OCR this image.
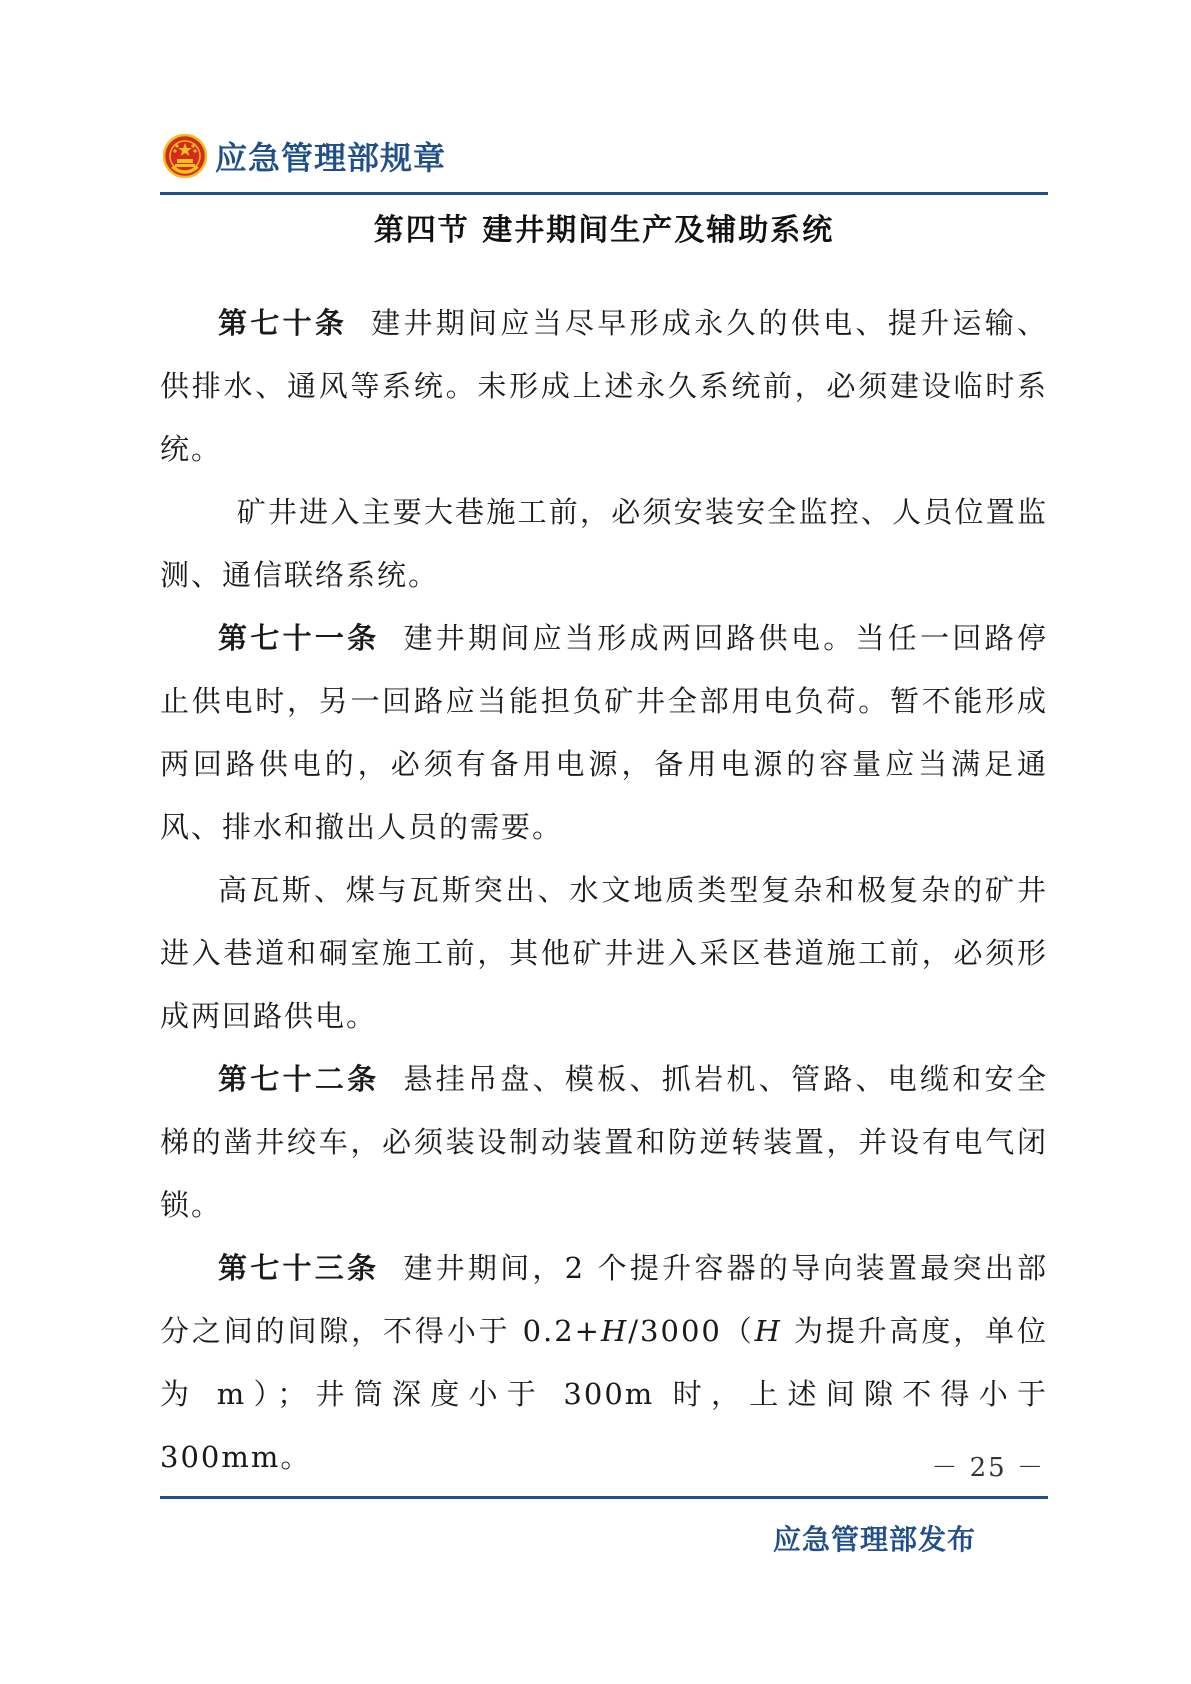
应急管理部规章
第四节 建井期间生产及辅助系统

第七十条 建井期间应当尽早形成永久的供电、提升运输、供排水、通风等系统。未形成上述永久系统前，必须建设临时系统。

矿井进入主要大巷施工前，必须安装安全监控、人员位置监测、通信联络系统。

第七十一条 建井期间应当形成两回路供电。当任一回路停止供电时，另一回路应当能担负矿井全部用电负荷。暂不能形成两回路供电的，必须有备用电源，备用电源的容量应当满足通风、排水和撤出人员的需要。

高瓦斯、煤与瓦斯突出、水文地质类型复杂和极复杂的矿井进入巷道和硐室施工前，其他矿井进入采区巷道施工前，必须形成两回路供电。

第七十二条 悬挂吊盘、模板、抓岩机、管路、电缆和安全梯的凿井绞车，必须装设制动装置和防逆转装置，并设有电气闭锁。

第七十三条 建井期间，2 个提升容器的导向装置最突出部分之间的间隙，不得小于 0.2+H/3000（H 为提升高度，单位为 m）；井筒深度小于 300m 时，上述间隙不得小于 300mm。	－ 25 －
应急管理部发布
